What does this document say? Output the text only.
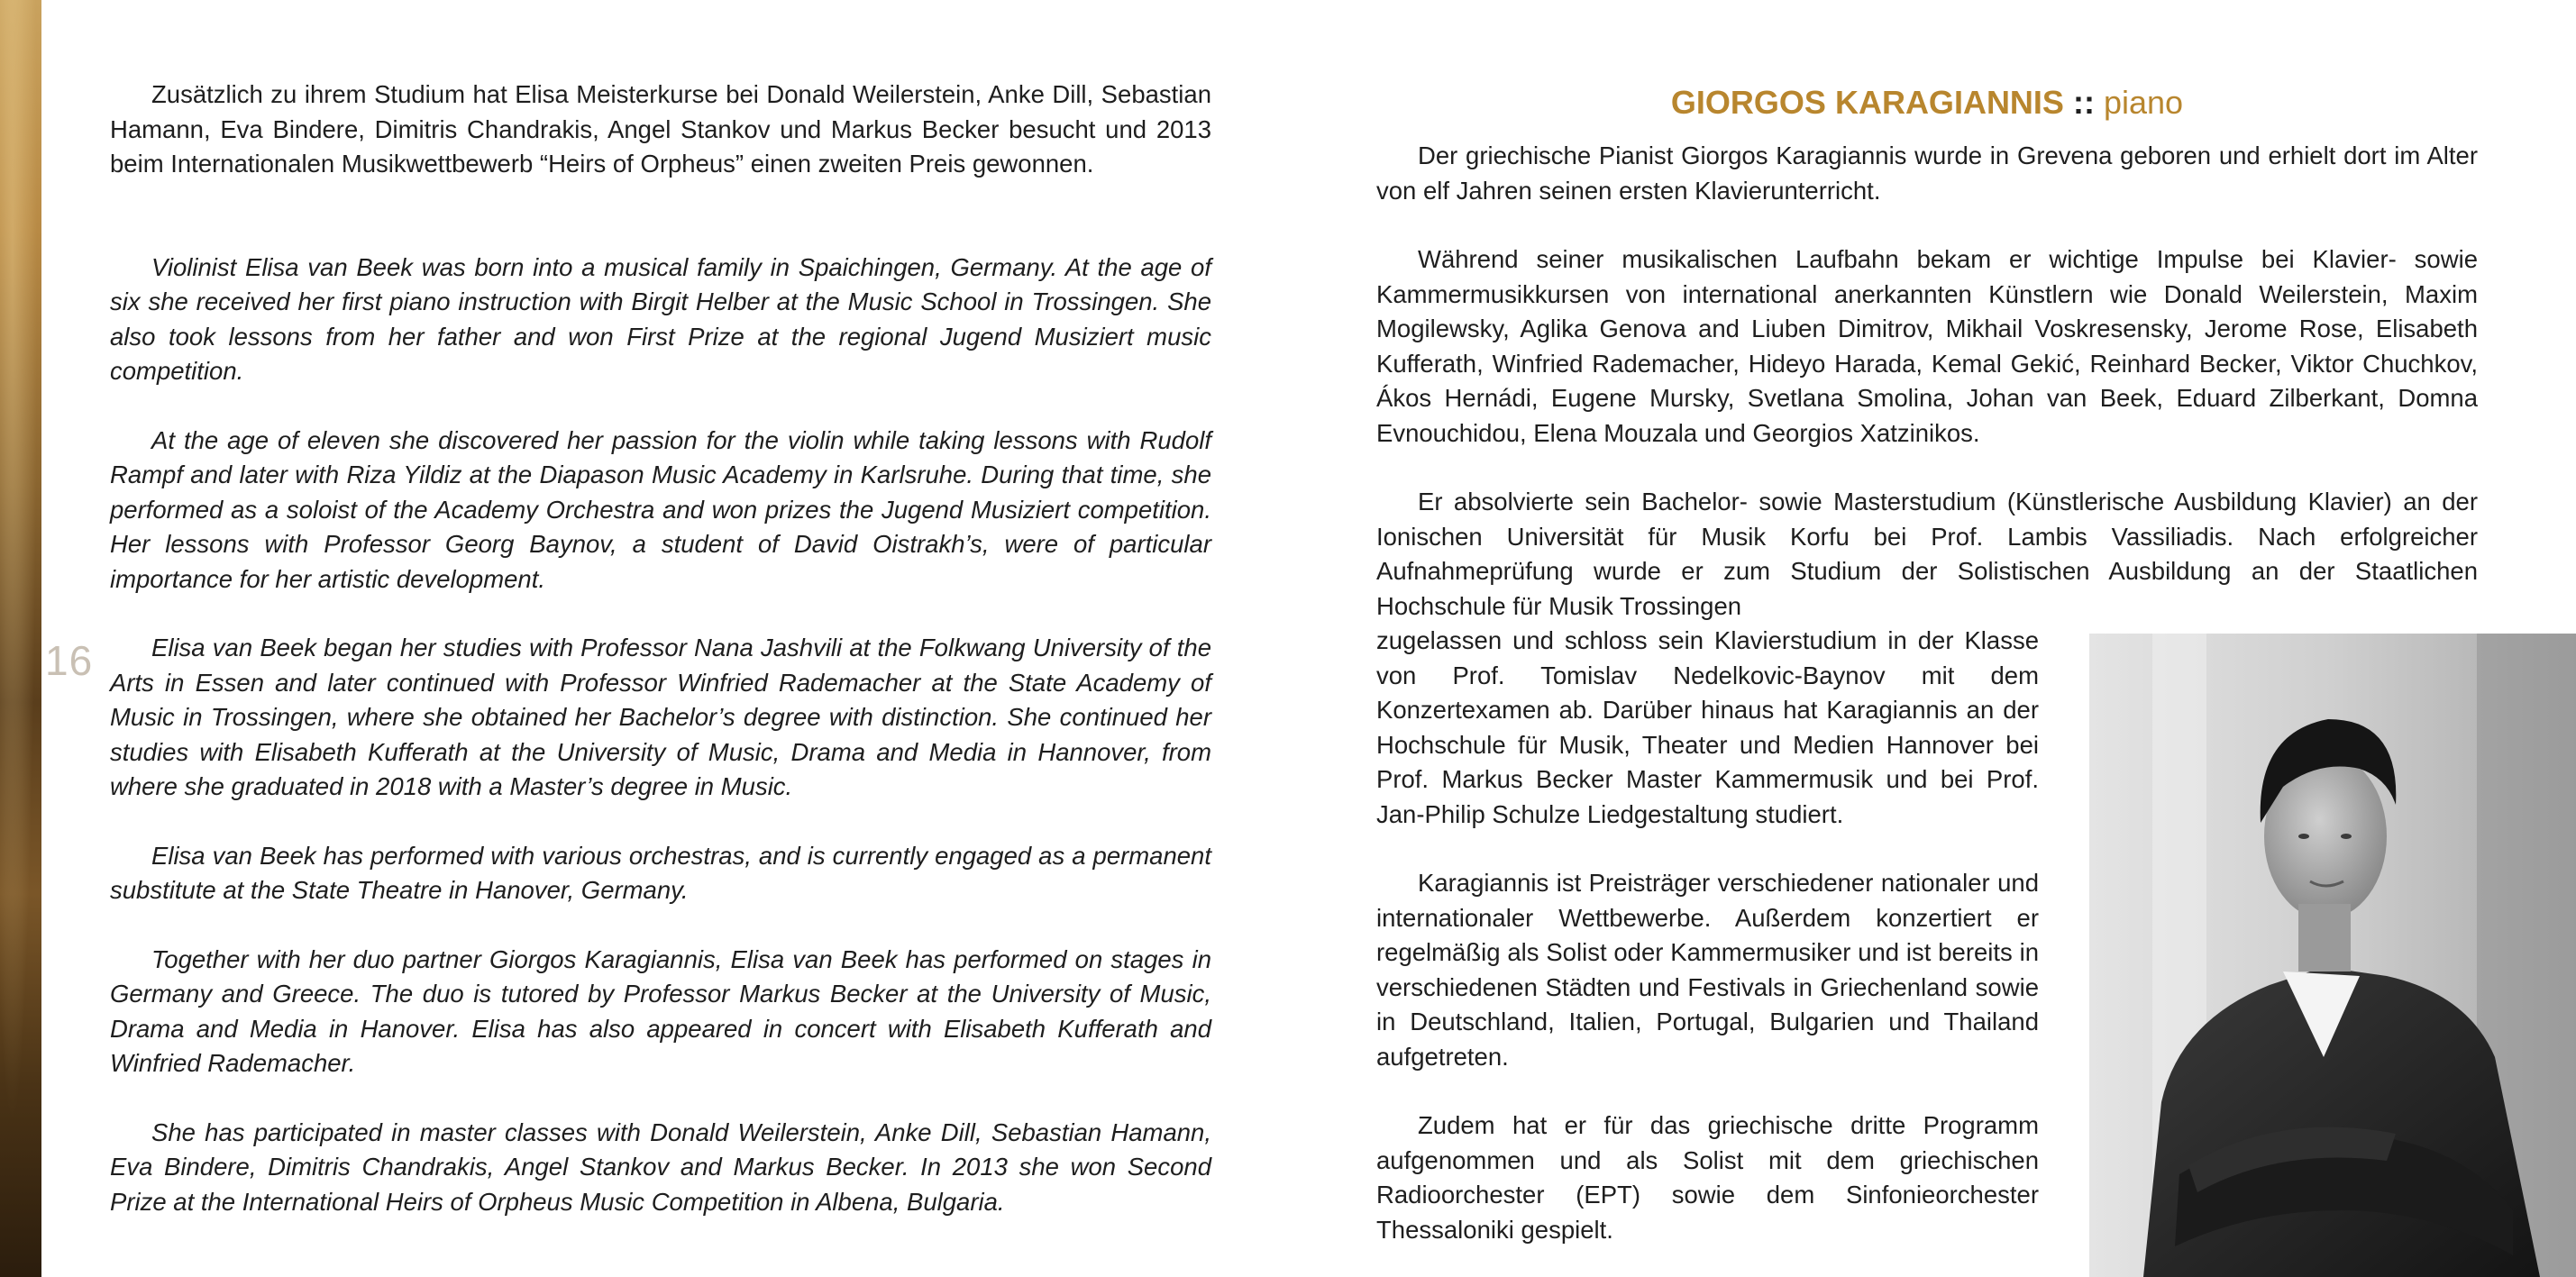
16

Zusätzlich zu ihrem Studium hat Elisa Meisterkurse bei Donald Weilerstein, Anke Dill, Sebastian Hamann, Eva Bindere, Dimitris Chandrakis, Angel Stankov und Markus Becker besucht und 2013 beim Internationalen Musikwettbewerb “Heirs of Orpheus” einen zweiten Preis gewonnen.

Violinist Elisa van Beek was born into a musical family in Spaichingen, Germany. At the age of six she received her first piano instruction with Birgit Helber at the Music School in Trossingen. She also took lessons from her father and won First Prize at the regional Jugend Musiziert music competition.

At the age of eleven she discovered her passion for the violin while taking lessons with Rudolf Rampf and later with Riza Yildiz at the Diapason Music Academy in Karlsruhe. During that time, she performed as a soloist of the Academy Orchestra and won prizes the Jugend Musiziert competition. Her lessons with Professor Georg Baynov, a student of David Oistrakh’s, were of particular importance for her artistic development.

Elisa van Beek began her studies with Professor Nana Jashvili at the Folkwang University of the Arts in Essen and later continued with Professor Winfried Rademacher at the State Academy of Music in Trossingen, where she obtained her Bachelor’s degree with distinction. She continued her studies with Elisabeth Kufferath at the University of Music, Drama and Media in Hannover, from where she graduated in 2018 with a Master’s degree in Music.

Elisa van Beek has performed with various orchestras, and is currently engaged as a permanent substitute at the State Theatre in Hanover, Germany.

Together with her duo partner Giorgos Karagiannis, Elisa van Beek has performed on stages in Germany and Greece. The duo is tutored by Professor Markus Becker at the University of Music, Drama and Media in Hanover. Elisa has also appeared in concert with Elisabeth Kufferath and Winfried Rademacher.

She has participated in master classes with Donald Weilerstein, Anke Dill, Sebastian Hamann, Eva Bindere, Dimitris Chandrakis, Angel Stankov and Markus Becker. In 2013 she won Second Prize at the International Heirs of Orpheus Music Competition in Albena, Bulgaria.

GIORGOS KARAGIANNIS :: piano

Der griechische Pianist Giorgos Karagiannis wurde in Grevena geboren und erhielt dort im Alter von elf Jahren seinen ersten Klavierunterricht.

Während seiner musikalischen Laufbahn bekam er wichtige Impulse bei Klavier- sowie Kammermusikkursen von international anerkannten Künstlern wie Donald Weilerstein, Maxim Mogilewsky, Aglika Genova and Liuben Dimitrov, Mikhail Voskresensky, Jerome Rose, Elisabeth Kufferath, Winfried Rademacher, Hideyo Harada, Kemal Gekić, Reinhard Becker, Viktor Chuchkov, Ákos Hernádi, Eugene Mursky, Svetlana Smolina, Johan van Beek, Eduard Zilberkant, Domna Evnouchidou, Elena Mouzala und Georgios Xatzinikos.

Er absolvierte sein Bachelor- sowie Masterstudium (Künstlerische Ausbildung Klavier) an der Ionischen Universität für Musik Korfu bei Prof. Lambis Vassiliadis. Nach erfolgreicher Aufnahmeprüfung wurde er zum Studium der Solistischen Ausbildung an der Staatlichen Hochschule für Musik Trossingen

zugelassen und schloss sein Klavierstudium in der Klasse von Prof. Tomislav Nedelkovic-Baynov mit dem Konzertexamen ab. Darüber hinaus hat Karagiannis an der Hochschule für Musik, Theater und Medien Hannover bei Prof. Markus Becker Master Kammermusik und bei Prof. Jan-Philip Schulze Liedgestaltung studiert.

Karagiannis ist Preisträger verschiedener nationaler und internationaler Wettbewerbe. Außerdem konzertiert er regelmäßig als Solist oder Kammermusiker und ist bereits in verschiedenen Städten und Festivals in Griechenland sowie in Deutschland, Italien, Portugal, Bulgarien und Thailand aufgetreten.

Zudem hat er für das griechische dritte Programm aufgenommen und als Solist mit dem griechischen Radioorchester (EPT) sowie dem Sinfonieorchester Thessaloniki gespielt.
